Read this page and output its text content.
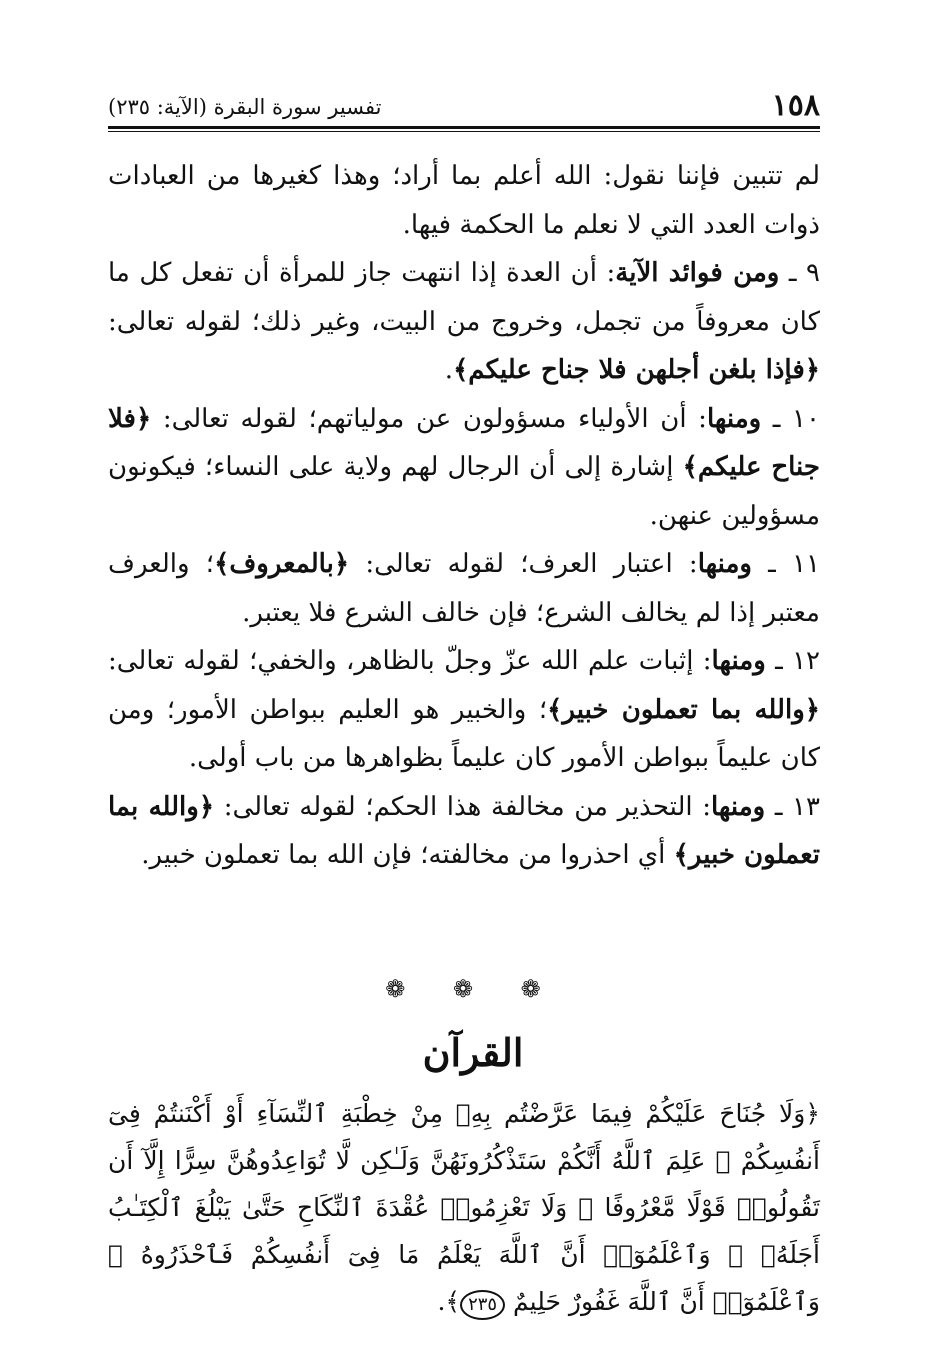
١٥٨
تفسير سورة البقرة (الآية: ٢٣٥)

لم تتبين فإننا نقول: الله أعلم بما أراد؛ وهذا كغيرها من العبادات ذوات العدد التي لا نعلم ما الحكمة فيها.

٩ ـ ومن فوائد الآية: أن العدة إذا انتهت جاز للمرأة أن تفعل كل ما كان معروفاً من تجمل، وخروج من البيت، وغير ذلك؛ لقوله تعالى: ﴿فإذا بلغن أجلهن فلا جناح عليكم﴾.

١٠ ـ ومنها: أن الأولياء مسؤولون عن مولياتهم؛ لقوله تعالى: ﴿فلا جناح عليكم﴾ إشارة إلى أن الرجال لهم ولاية على النساء؛ فيكونون مسؤولين عنهن.

١١ ـ ومنها: اعتبار العرف؛ لقوله تعالى: ﴿بالمعروف﴾؛ والعرف معتبر إذا لم يخالف الشرع؛ فإن خالف الشرع فلا يعتبر.

١٢ ـ ومنها: إثبات علم الله عزّ وجلّ بالظاهر، والخفي؛ لقوله تعالى: ﴿والله بما تعملون خبير﴾؛ والخبير هو العليم ببواطن الأمور؛ ومن كان عليماً ببواطن الأمور كان عليماً بظواهرها من باب أولى.

١٣ ـ ومنها: التحذير من مخالفة هذا الحكم؛ لقوله تعالى: ﴿والله بما تعملون خبير﴾ أي احذروا من مخالفته؛ فإن الله بما تعملون خبير.

❁ ❁ ❁
القرآن
﴿وَلَا جُنَاحَ عَلَيْكُمْ فِيمَا عَرَّضْتُم بِهِۦ مِنْ خِطْبَةِ ٱلنِّسَآءِ أَوْ أَكْنَنتُمْ فِىٓ أَنفُسِكُمْ ۚ عَلِمَ ٱللَّهُ أَنَّكُمْ سَتَذْكُرُونَهُنَّ وَلَـٰكِن لَّا تُوَاعِدُوهُنَّ سِرًّا إِلَّآ أَن تَقُولُوا۟ قَوْلًا مَّعْرُوفًا ۚ وَلَا تَعْزِمُوا۟ عُقْدَةَ ٱلنِّكَاحِ حَتَّىٰ يَبْلُغَ ٱلْكِتَـٰبُ أَجَلَهُۥ ۚ وَٱعْلَمُوٓا۟ أَنَّ ٱللَّهَ يَعْلَمُ مَا فِىٓ أَنفُسِكُمْ فَٱحْذَرُوهُ ۚ وَٱعْلَمُوٓا۟ أَنَّ ٱللَّهَ غَفُورٌ حَلِيمٌ ٢٣٥﴾.
